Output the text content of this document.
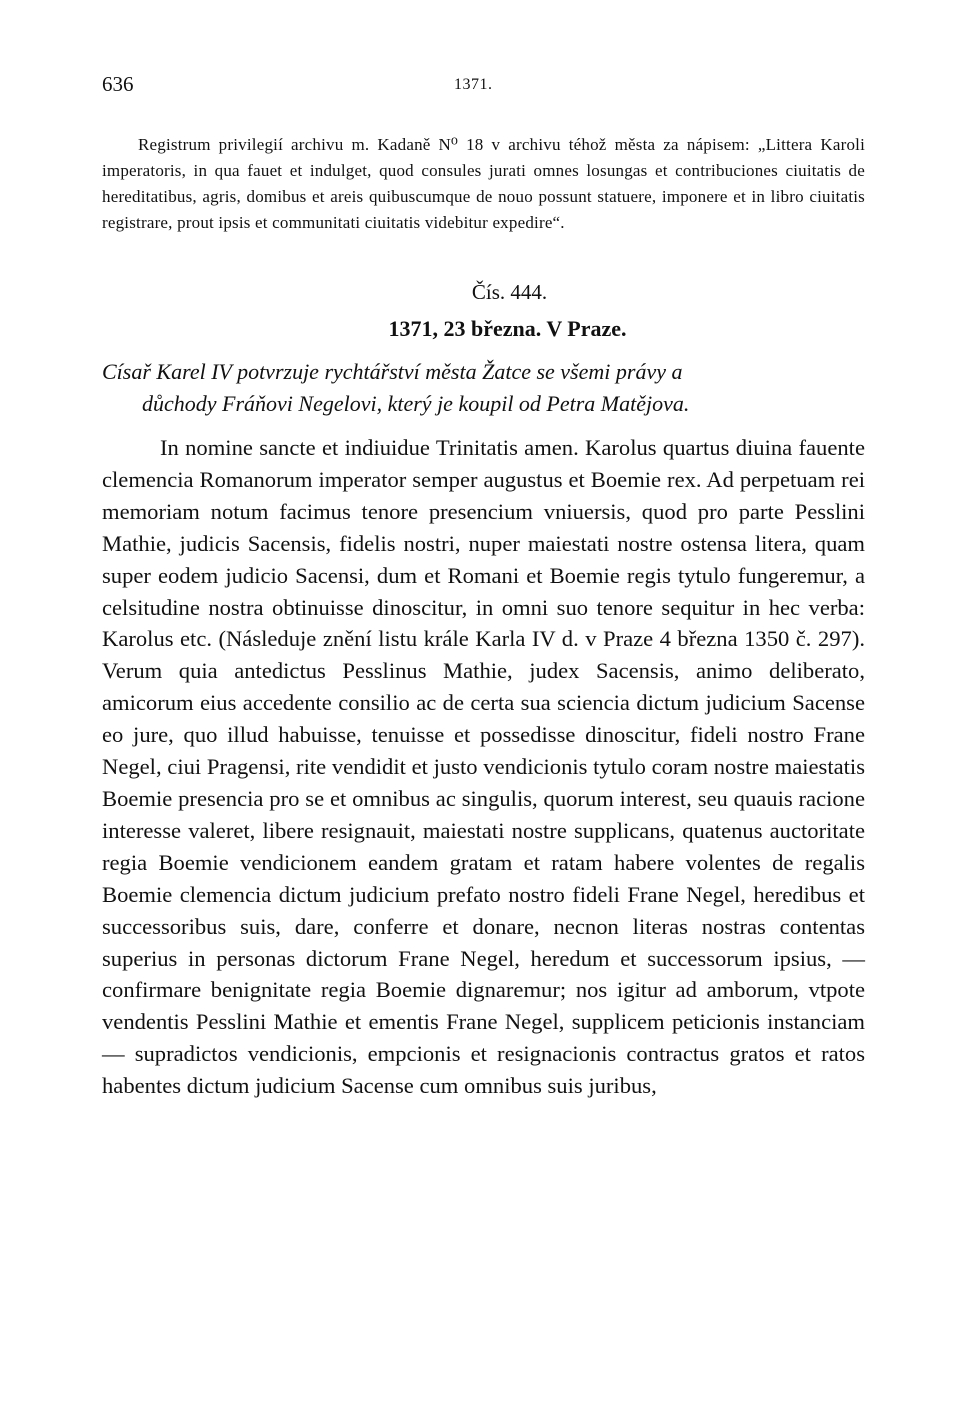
636	1371.

Registrum privilegií archivu m. Kadaně N⁰ 18 v archivu téhož města za nápisem: „Littera Karoli imperatoris, in qua fauet et indulget, quod consules jurati omnes losungas et contribuciones ciuitatis de hereditatibus, agris, domibus et areis quibuscumque de nouo possunt statuere, imponere et in libro ciuitatis registrare, prout ipsis et communitati ciuitatis videbitur expedire“.

Čís. 444.
1371, 23 března. V Praze.
Císař Karel IV potvrzuje rychtářství města Žatce se všemi právy a
důchody Fráňovi Negelovi, který je koupil od Petra Matějova.

In nomine sancte et indiuidue Trinitatis amen. Karolus quartus diuina fauente clemencia Romanorum imperator semper augustus et Boemie rex. Ad perpetuam rei memoriam notum facimus tenore presencium vniuersis, quod pro parte Pesslini Mathie, judicis Sacensis, fidelis nostri, nuper maiestati nostre ostensa litera, quam super eodem judicio Sacensi, dum et Romani et Boemie regis tytulo fungeremur, a celsitudine nostra obtinuisse dinoscitur, in omni suo tenore sequitur in hec verba: Karolus etc. (Následuje znění listu krále Karla IV d. v Praze 4 března 1350 č. 297). Verum quia antedictus Pesslinus Mathie, judex Sacensis, animo deliberato, amicorum eius accedente consilio ac de certa sua sciencia dictum judicium Sacense eo jure, quo illud habuisse, tenuisse et possedisse dinoscitur, fideli nostro Frane Negel, ciui Pragensi, rite vendidit et justo vendicionis tytulo coram nostre maiestatis Boemie presencia pro se et omnibus ac singulis, quorum interest, seu quauis racione interesse valeret, libere resignauit, maiestati nostre supplicans, quatenus auctoritate regia Boemie vendicionem eandem gratam et ratam habere volentes de regalis Boemie clemencia dictum judicium prefato nostro fideli Frane Negel, heredibus et successoribus suis, dare, conferre et donare, necnon literas nostras contentas superius in personas dictorum Frane Negel, heredum et successorum ipsius, — confirmare benignitate regia Boemie dignaremur; nos igitur ad amborum, vtpote vendentis Pesslini Mathie et ementis Frane Negel, supplicem peticionis instanciam — supradictos vendicionis, empcionis et resignacionis contractus gratos et ratos habentes dictum judicium Sacense cum omnibus suis juribus,
